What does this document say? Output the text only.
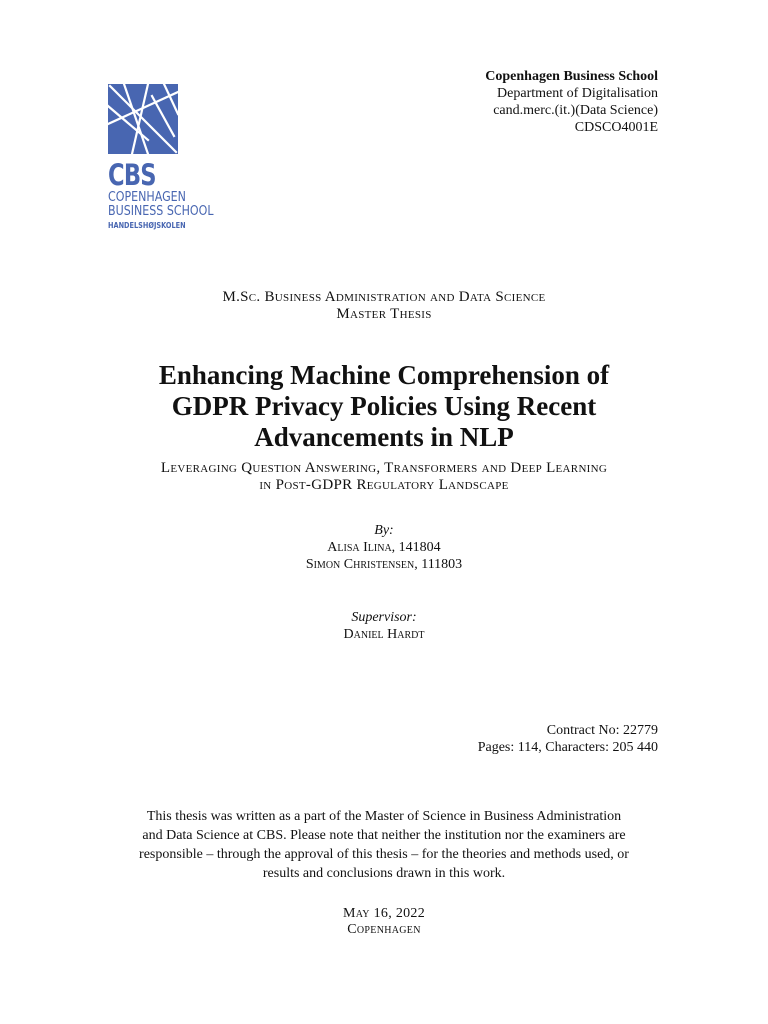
CBS
COPENHAGEN
BUSINESS SCHOOL
HANDELSHØJSKOLEN
Copenhagen Business School
Department of Digitalisation
cand.merc.(it.)(Data Science)
CDSCO4001E
M.Sc. Business Administration and Data Science
Master Thesis
Enhancing Machine Comprehension of
GDPR Privacy Policies Using Recent
Advancements in NLP
Leveraging Question Answering, Transformers and Deep Learning
in Post-GDPR Regulatory Landscape
By:
Alisa Ilina, 141804
Simon Christensen, 111803
Supervisor:
Daniel Hardt
Contract No: 22779
Pages: 114, Characters: 205 440
This thesis was written as a part of the Master of Science in Business Administration
and Data Science at CBS. Please note that neither the institution nor the examiners are
responsible – through the approval of this thesis – for the theories and methods used, or
results and conclusions drawn in this work.
May 16, 2022
Copenhagen
